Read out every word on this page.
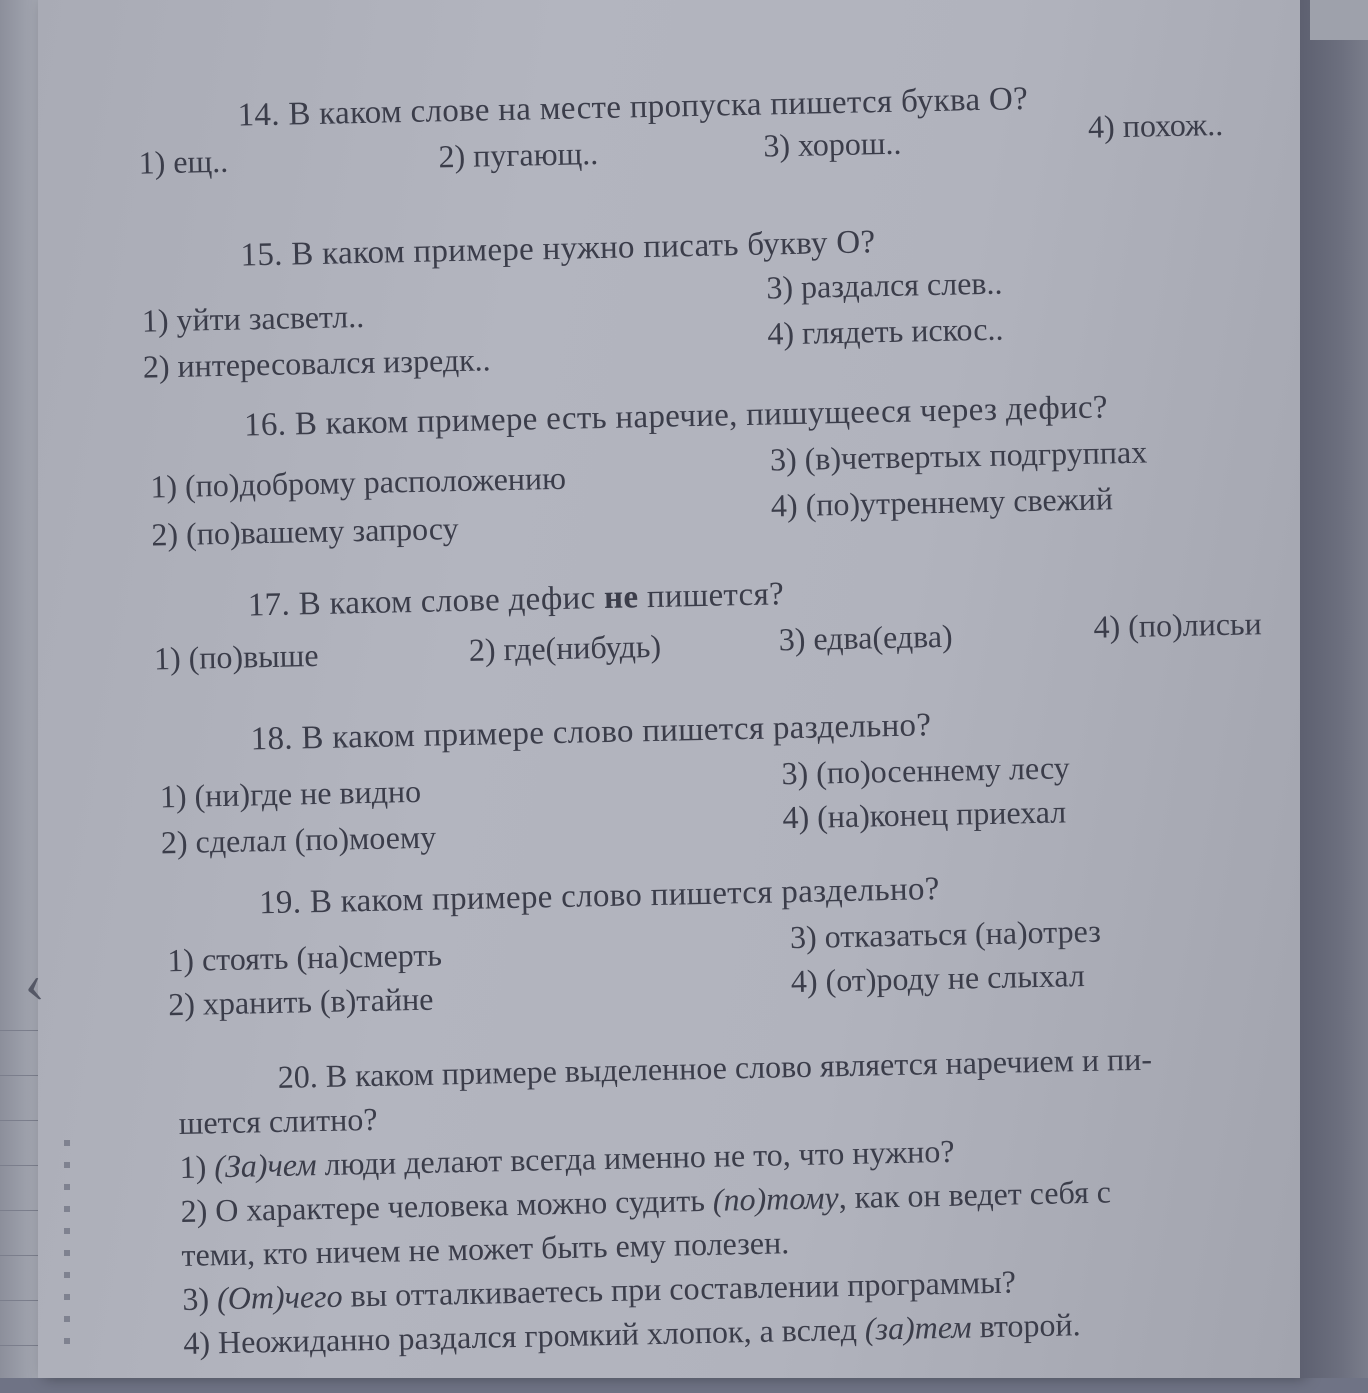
‹
14. В каком слове на месте пропуска пишется буква О?
1) ещ..	2) пугающ..	3) хорош..	4) похож..
15. В каком примере нужно писать букву О?
1) уйти засветл..
2) интересовался изредк..
3) раздался слев..
4) глядеть искос..
16. В каком примере есть наречие, пишущееся через дефис?
1) (по)доброму расположению
2) (по)вашему запросу
3) (в)четвертых подгруппах
4) (по)утреннему свежий
17. В каком слове дефис не пишется?
1) (по)выше	2) где(нибудь)	3) едва(едва)	4) (по)лисьи
18. В каком примере слово пишется раздельно?
1) (ни)где не видно
2) сделал (по)моему
3) (по)осеннему лесу
4) (на)конец приехал
19. В каком примере слово пишется раздельно?
1) стоять (на)смерть
2) хранить (в)тайне
3) отказаться (на)отрез
4) (от)роду не слыхал
20. В каком примере выделенное слово является наречием и пи-
шется слитно?
1) (За)чем люди делают всегда именно не то, что нужно?
2) О характере человека можно судить (по)тому, как он ведет себя с
теми, кто ничем не может быть ему полезен.
3) (От)чего вы отталкиваетесь при составлении программы?
4) Неожиданно раздался громкий хлопок, а вслед (за)тем второй.
